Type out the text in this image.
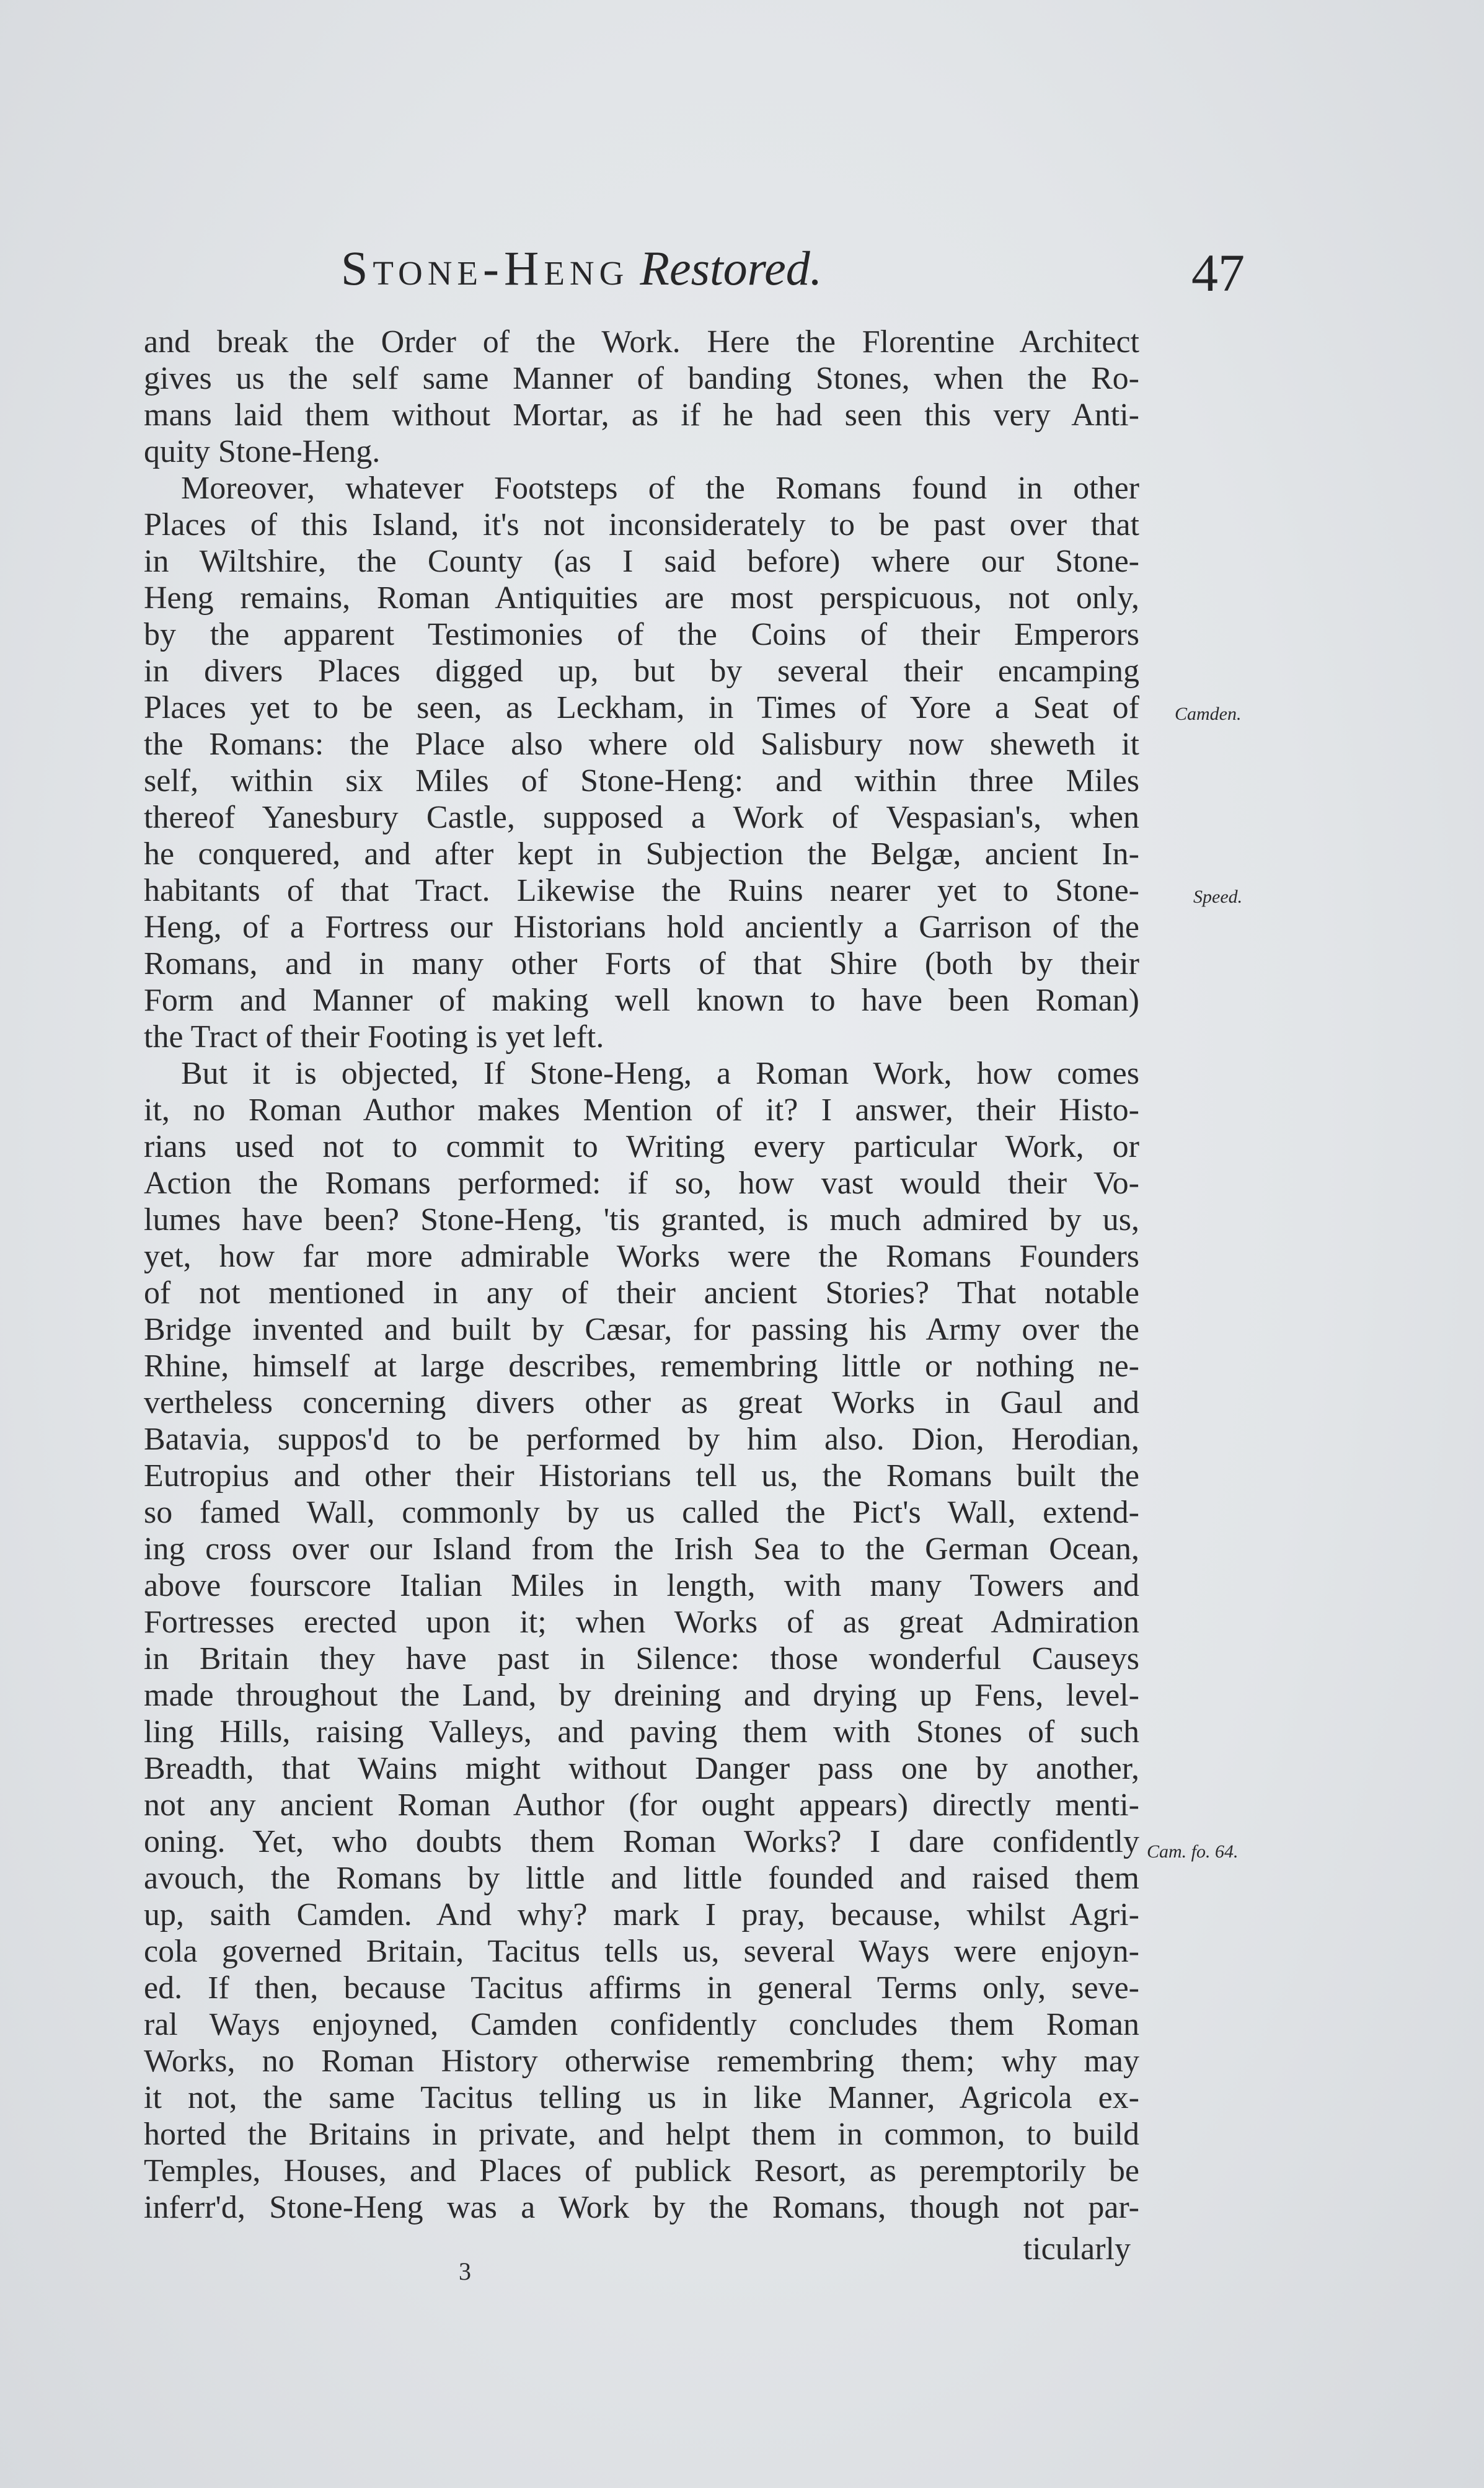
Stone-Heng Restored.	47
and break the Order of the Work. Here the Florentine Architect
gives us the self same Manner of banding Stones, when the Ro-
mans laid them without Mortar, as if he had seen this very Anti-
quity Stone-Heng.
Moreover, whatever Footsteps of the Romans found in other
Places of this Island, it's not inconsiderately to be past over that
in Wiltshire, the County (as I said before) where our Stone-
Heng remains, Roman Antiquities are most perspicuous, not only,
by the apparent Testimonies of the Coins of their Emperors
in divers Places digged up, but by several their encamping
Places yet to be seen, as Leckham, in Times of Yore a Seat of
the Romans: the Place also where old Salisbury now sheweth it
self, within six Miles of Stone-Heng: and within three Miles
thereof Yanesbury Castle, supposed a Work of Vespasian's, when
he conquered, and after kept in Subjection the Belgæ, ancient In-
habitants of that Tract. Likewise the Ruins nearer yet to Stone-
Heng, of a Fortress our Historians hold anciently a Garrison of the
Romans, and in many other Forts of that Shire (both by their
Form and Manner of making well known to have been Roman)
the Tract of their Footing is yet left.
But it is objected, If Stone-Heng, a Roman Work, how comes
it, no Roman Author makes Mention of it? I answer, their Histo-
rians used not to commit to Writing every particular Work, or
Action the Romans performed: if so, how vast would their Vo-
lumes have been? Stone-Heng, 'tis granted, is much admired by us,
yet, how far more admirable Works were the Romans Founders
of not mentioned in any of their ancient Stories? That notable
Bridge invented and built by Cæsar, for passing his Army over the
Rhine, himself at large describes, remembring little or nothing ne-
vertheless concerning divers other as great Works in Gaul and
Batavia, suppos'd to be performed by him also. Dion, Herodian,
Eutropius and other their Historians tell us, the Romans built the
so famed Wall, commonly by us called the Pict's Wall, extend-
ing cross over our Island from the Irish Sea to the German Ocean,
above fourscore Italian Miles in length, with many Towers and
Fortresses erected upon it; when Works of as great Admiration
in Britain they have past in Silence: those wonderful Causeys
made throughout the Land, by dreining and drying up Fens, level-
ling Hills, raising Valleys, and paving them with Stones of such
Breadth, that Wains might without Danger pass one by another,
not any ancient Roman Author (for ought appears) directly menti-
oning. Yet, who doubts them Roman Works? I dare confidently
avouch, the Romans by little and little founded and raised them
up, saith Camden. And why? mark I pray, because, whilst Agri-
cola governed Britain, Tacitus tells us, several Ways were enjoyn-
ed. If then, because Tacitus affirms in general Terms only, seve-
ral Ways enjoyned, Camden confidently concludes them Roman
Works, no Roman History otherwise remembring them; why may
it not, the same Tacitus telling us in like Manner, Agricola ex-
horted the Britains in private, and helpt them in common, to build
Temples, Houses, and Places of publick Resort, as peremptorily be
inferr'd, Stone-Heng was a Work by the Romans, though not par-
Camden.
Speed.
Cam. fo. 64.
ticularly
3
